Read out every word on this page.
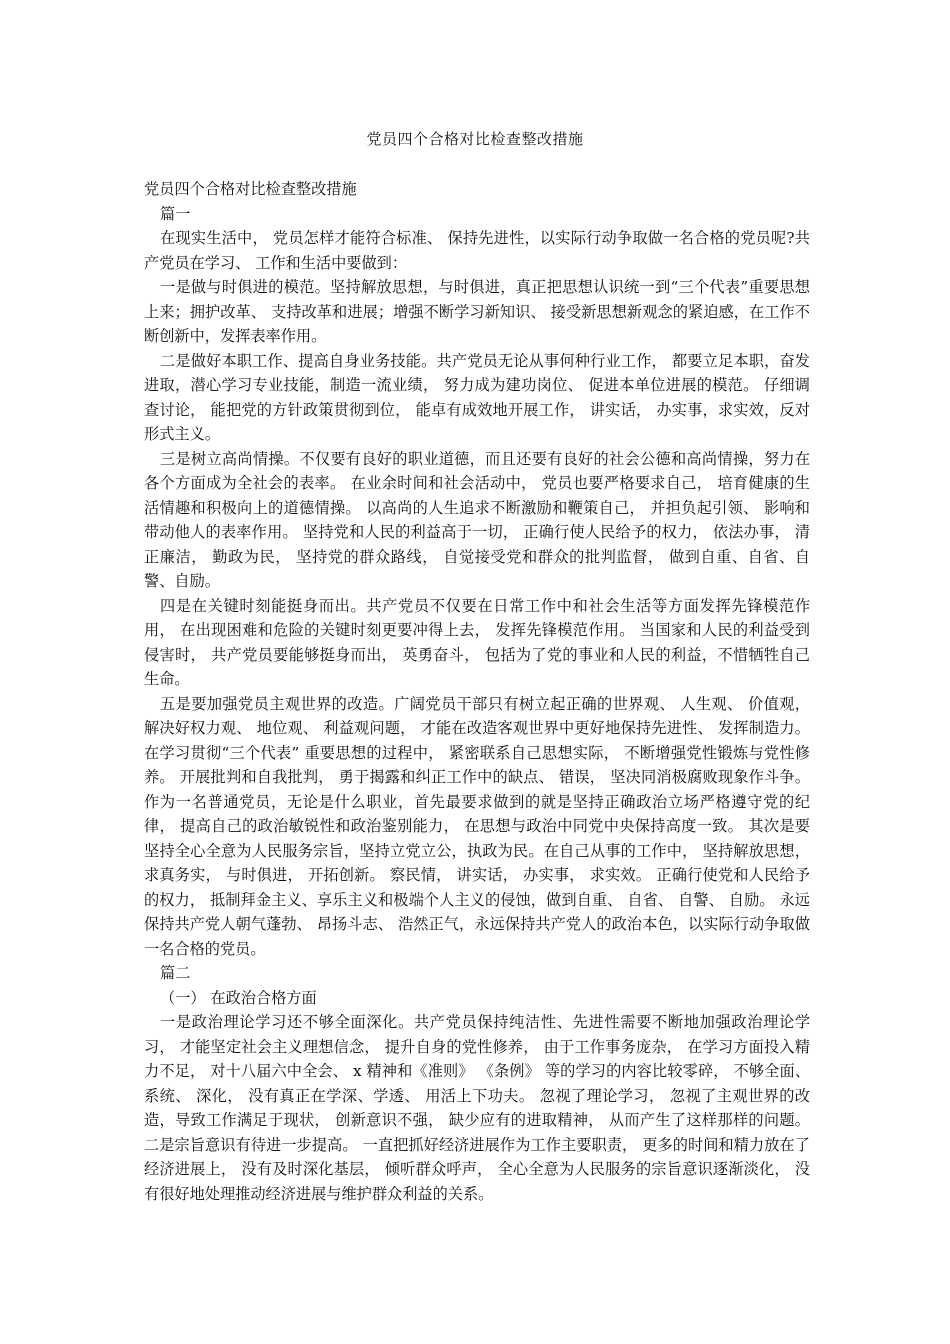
党员四个合格对比检查整改措施

党员四个合格对比检查整改措施

篇一

在现实生活中， 党员怎样才能符合标准、 保持先进性，以实际行动争取做一名合格的党员呢?共产党员在学习、 工作和生活中要做到：

一是做与时俱进的模范。坚持解放思想，与时俱进，真正把思想认识统一到“三个代表”重要思想上来；拥护改革、 支持改革和进展；增强不断学习新知识、 接受新思想新观念的紧迫感，在工作不断创新中，发挥表率作用。

二是做好本职工作、提高自身业务技能。共产党员无论从事何种行业工作， 都要立足本职，奋发进取，潜心学习专业技能，制造一流业绩， 努力成为建功岗位、 促进本单位进展的模范。 仔细调查讨论， 能把党的方针政策贯彻到位， 能卓有成效地开展工作， 讲实话， 办实事，求实效，反对形式主义。

三是树立高尚情操。不仅要有良好的职业道德，而且还要有良好的社会公德和高尚情操，努力在各个方面成为全社会的表率。 在业余时间和社会活动中， 党员也要严格要求自己， 培育健康的生活情趣和积极向上的道德情操。 以高尚的人生追求不断激励和鞭策自己， 并担负起引领、 影响和带动他人的表率作用。 坚持党和人民的利益高于一切， 正确行使人民给予的权力， 依法办事， 清正廉洁， 勤政为民， 坚持党的群众路线， 自觉接受党和群众的批判监督， 做到自重、自省、自警、自励。

四是在关键时刻能挺身而出。共产党员不仅要在日常工作中和社会生活等方面发挥先锋模范作用， 在出现困难和危险的关键时刻更要冲得上去， 发挥先锋模范作用。 当国家和人民的利益受到侵害时， 共产党员要能够挺身而出， 英勇奋斗， 包括为了党的事业和人民的利益，不惜牺牲自己生命。

五是要加强党员主观世界的改造。广阔党员干部只有树立起正确的世界观、 人生观、 价值观， 解决好权力观、 地位观、 利益观问题， 才能在改造客观世界中更好地保持先进性、 发挥制造力。在学习贯彻“三个代表” 重要思想的过程中， 紧密联系自己思想实际， 不断增强党性锻炼与党性修养。 开展批判和自我批判， 勇于揭露和纠正工作中的缺点、 错误， 坚决同消极腐败现象作斗争。作为一名普通党员，无论是什么职业，首先最要求做到的就是坚持正确政治立场严格遵守党的纪律， 提高自己的政治敏锐性和政治鉴别能力， 在思想与政治中同党中央保持高度一致。 其次是要坚持全心全意为人民服务宗旨，坚持立党立公，执政为民。在自己从事的工作中， 坚持解放思想， 求真务实， 与时俱进， 开拓创新。 察民情， 讲实话， 办实事， 求实效。 正确行使党和人民给予的权力， 抵制拜金主义、享乐主义和极端个人主义的侵蚀，做到自重、 自省、 自警、 自励。 永远保持共产党人朝气蓬勃、 昂扬斗志、 浩然正气，永远保持共产党人的政治本色，以实际行动争取做一名合格的党员。

篇二

（一） 在政治合格方面

一是政治理论学习还不够全面深化。共产党员保持纯洁性、先进性需要不断地加强政治理论学习， 才能坚定社会主义理想信念， 提升自身的党性修养， 由于工作事务庞杂， 在学习方面投入精力不足， 对十八届六中全会、 x 精神和《准则》 《条例》 等的学习的内容比较零碎， 不够全面、 系统、 深化， 没有真正在学深、学透、 用活上下功夫。 忽视了理论学习， 忽视了主观世界的改造，导致工作满足于现状， 创新意识不强， 缺少应有的进取精神， 从而产生了这样那样的问题。 二是宗旨意识有待进一步提高。 一直把抓好经济进展作为工作主要职责， 更多的时间和精力放在了经济进展上， 没有及时深化基层， 倾听群众呼声， 全心全意为人民服务的宗旨意识逐渐淡化， 没有很好地处理推动经济进展与维护群众利益的关系。
